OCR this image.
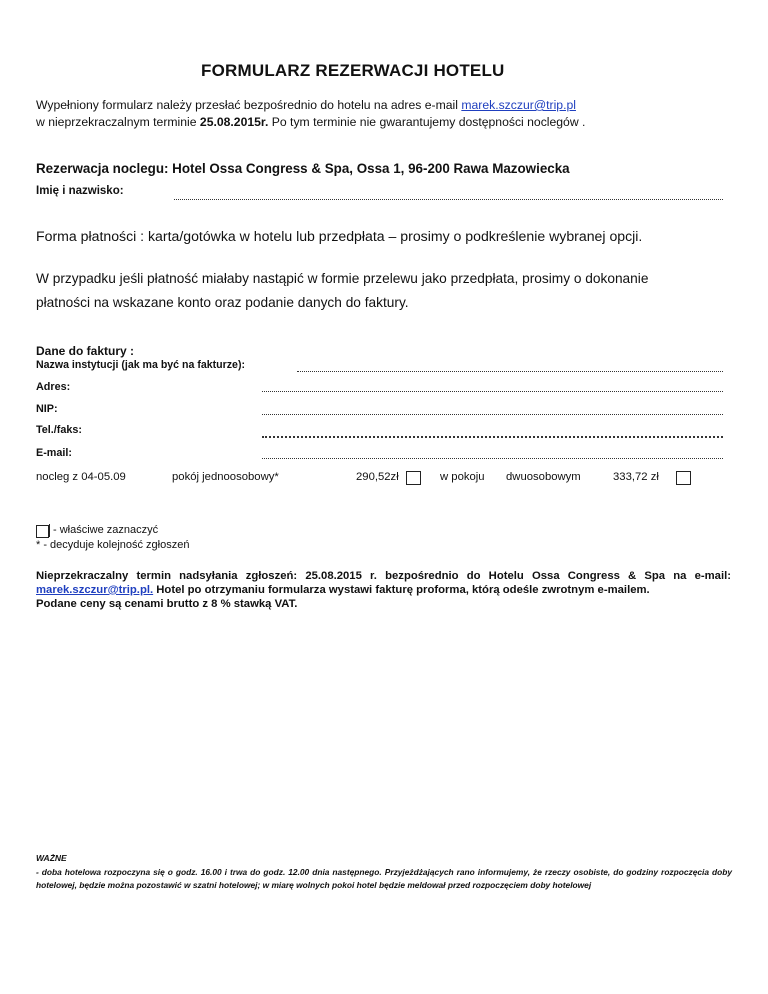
FORMULARZ REZERWACJI HOTELU
Wypełniony formularz należy przesłać bezpośrednio do hotelu na adres e-mail marek.szczur@trip.pl
w nieprzekraczalnym terminie 25.08.2015r. Po tym terminie nie gwarantujemy dostępności noclegów .
Rezerwacja noclegu: Hotel Ossa Congress & Spa, Ossa 1, 96-200 Rawa Mazowiecka
Imię i nazwisko:
Forma płatności : karta/gotówka w hotelu lub przedpłata – prosimy o podkreślenie wybranej opcji.
W przypadku jeśli płatność miałaby nastąpić w formie przelewu jako przedpłata, prosimy o dokonanie
płatności na wskazane konto oraz podanie danych do faktury.
Dane do faktury :
Nazwa instytucji (jak ma być na fakturze):
Adres:
NIP:
Tel./faks:
E-mail:
nocleg z 04-05.09	pokój jednoosobowy*	290,52zł	w pokoju dwuosobowym	333,72 zł
- właściwe zaznaczyć
* - decyduje kolejność zgłoszeń
Nieprzekraczalny termin nadsyłania zgłoszeń: 25.08.2015 r. bezpośrednio do Hotelu Ossa Congress & Spa na e-mail: marek.szczur@trip.pl. Hotel po otrzymaniu formularza wystawi fakturę proforma, którą odeśle zwrotnym e-mailem.
Podane ceny są cenami brutto z 8 % stawką VAT.
WAŻNE
- doba hotelowa rozpoczyna się o godz. 16.00 i trwa do godz. 12.00 dnia następnego. Przyjeżdżających rano informujemy, że rzeczy osobiste, do godziny rozpoczęcia doby hotelowej, będzie można pozostawić w szatni hotelowej; w miarę wolnych pokoi hotel będzie meldował przed rozpoczęciem doby hotelowej
